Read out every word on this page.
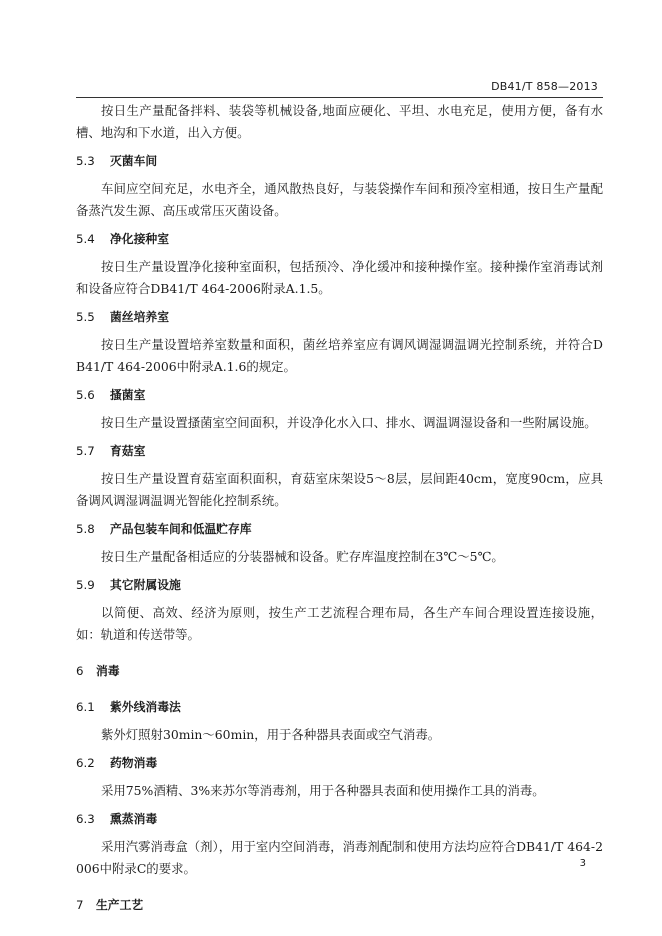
DB41/T 858—2013

按日生产量配备拌料、装袋等机械设备,地面应硬化、平坦、水电充足，使用方便，备有水槽、地沟和下水道，出入方便。

5.3	灭菌车间

车间应空间充足，水电齐全，通风散热良好，与装袋操作车间和预冷室相通，按日生产量配备蒸汽发生源、高压或常压灭菌设备。

5.4	净化接种室

按日生产量设置净化接种室面积，包括预冷、净化缓冲和接种操作室。接种操作室消毒试剂和设备应符合DB41/T 464-2006附录A.1.5。

5.5	菌丝培养室

按日生产量设置培养室数量和面积，菌丝培养室应有调风调湿调温调光控制系统，并符合DB41/T 464-2006中附录A.1.6的规定。

5.6	搔菌室

按日生产量设置搔菌室空间面积，并设净化水入口、排水、调温调湿设备和一些附属设施。

5.7	育菇室

按日生产量设置育菇室面积面积，育菇室床架设5～8层，层间距40cm，宽度90cm，应具备调风调湿调温调光智能化控制系统。

5.8	产品包装车间和低温贮存库

按日生产量配备相适应的分装器械和设备。贮存库温度控制在3℃～5℃。

5.9	其它附属设施

以简便、高效、经济为原则，按生产工艺流程合理布局，各生产车间合理设置连接设施，如：轨道和传送带等。

6	消毒
6.1	紫外线消毒法

紫外灯照射30min～60min，用于各种器具表面或空气消毒。

6.2	药物消毒

采用75%酒精、3%来苏尔等消毒剂，用于各种器具表面和使用操作工具的消毒。

6.3	熏蒸消毒

采用汽雾消毒盒（剂），用于室内空间消毒，消毒剂配制和使用方法均应符合DB41/T 464-2006中附录C的要求。

7	生产工艺
3
